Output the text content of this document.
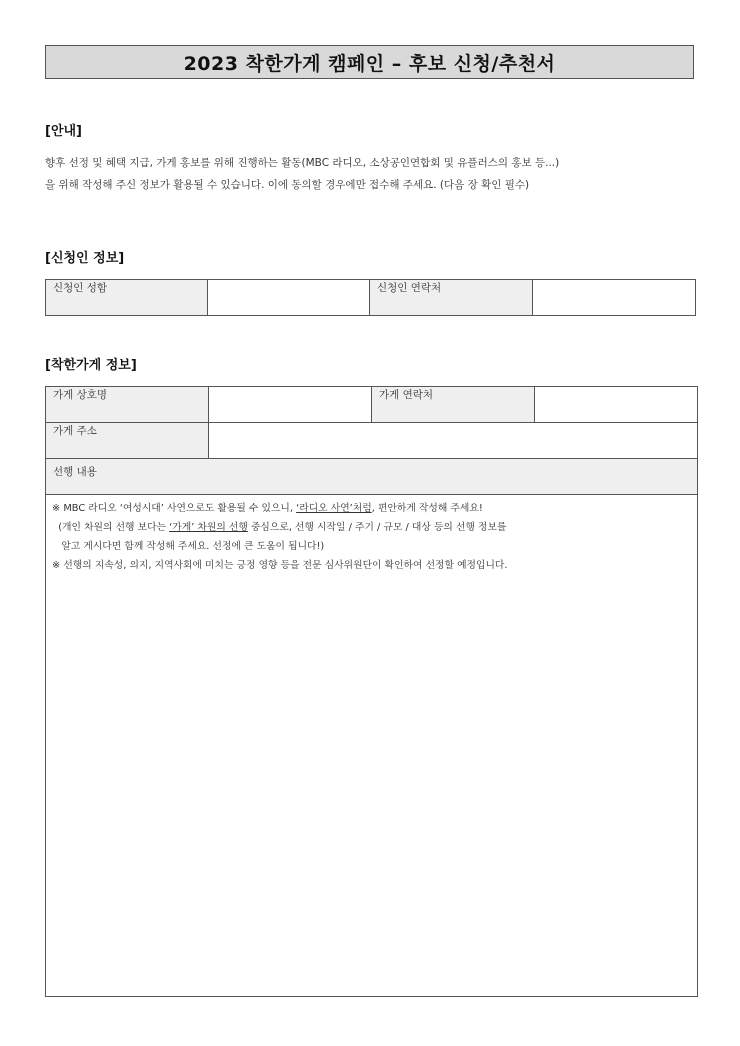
2023 착한가게 캠페인 – 후보 신청/추천서
[안내]
향후 선정 및 혜택 지급, 가게 홍보를 위해 진행하는 활동(MBC 라디오, 소상공인연합회 및 유플러스의 홍보 등...)
을 위해 작성해 주신 정보가 활용될 수 있습니다. 이에 동의할 경우에만 접수해 주세요. (다음 장 확인 필수)
[신청인 정보]
신청인 성함		신청인 연락처	
[착한가게 정보]
가게 상호명		가게 연락처	
가게 주소			
선행 내용			

※ MBC 라디오 ‘여성시대’ 사연으로도 활용될 수 있으니, ‘라디오 사연’처럼, 편안하게 작성해 주세요!
(개인 차원의 선행 보다는 ‘가게’ 차원의 선행 중심으로, 선행 시작일 / 주기 / 규모 / 대상 등의 선행 정보를
알고 게시다면 함께 작성해 주세요. 선정에 큰 도움이 됩니다!)
※ 선행의 지속성, 의지, 지역사회에 미치는 긍정 영향 등을 전문 심사위원단이 확인하여 선정할 예정입니다.			
